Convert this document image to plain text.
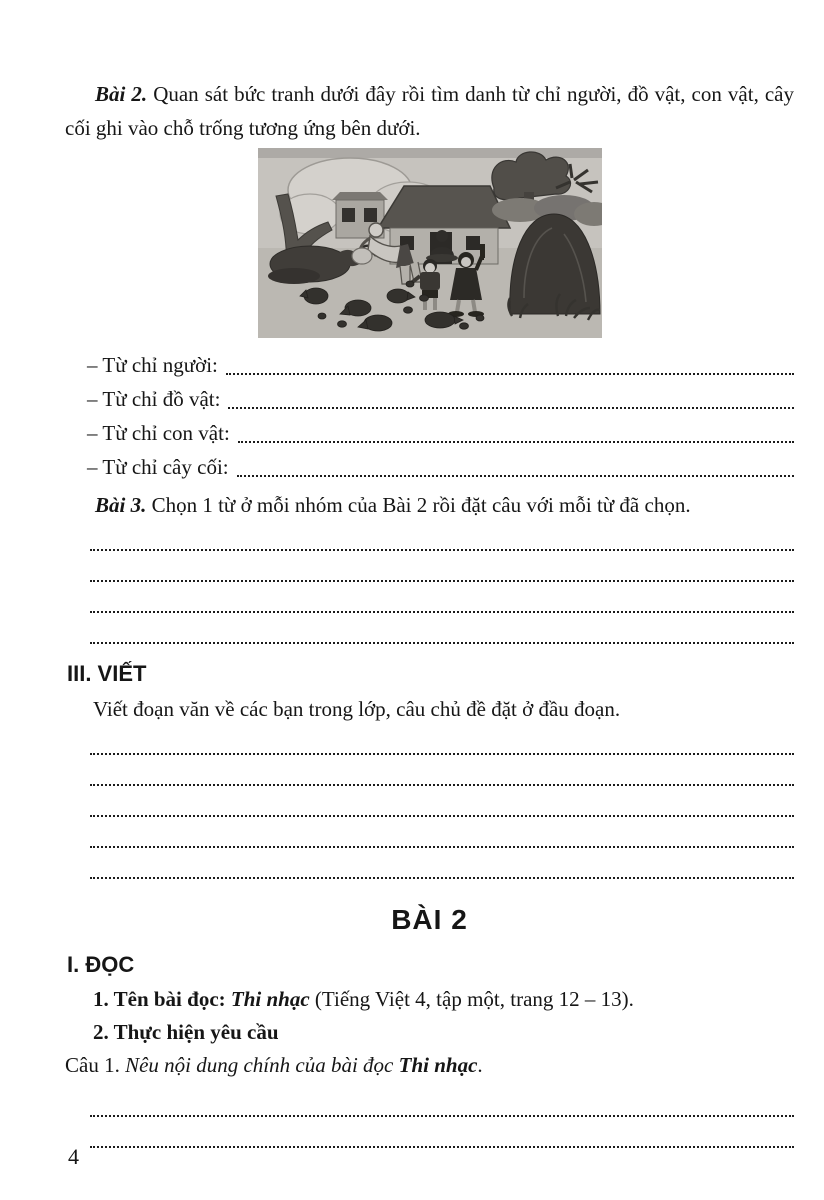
Bài 2. Quan sát bức tranh dưới đây rồi tìm danh từ chỉ người, đồ vật, con vật, cây cối ghi vào chỗ trống tương ứng bên dưới.

– Từ chỉ người:
– Từ chỉ đồ vật:
– Từ chỉ con vật:
– Từ chỉ cây cối:

Bài 3. Chọn 1 từ ở mỗi nhóm của Bài 2 rồi đặt câu với mỗi từ đã chọn.

III. VIẾT

Viết đoạn văn về các bạn trong lớp, câu chủ đề đặt ở đầu đoạn.

BÀI 2
I. ĐỌC

1. Tên bài đọc: Thi nhạc (Tiếng Việt 4, tập một, trang 12 – 13).

2. Thực hiện yêu cầu

Câu 1. Nêu nội dung chính của bài đọc Thi nhạc.

4
